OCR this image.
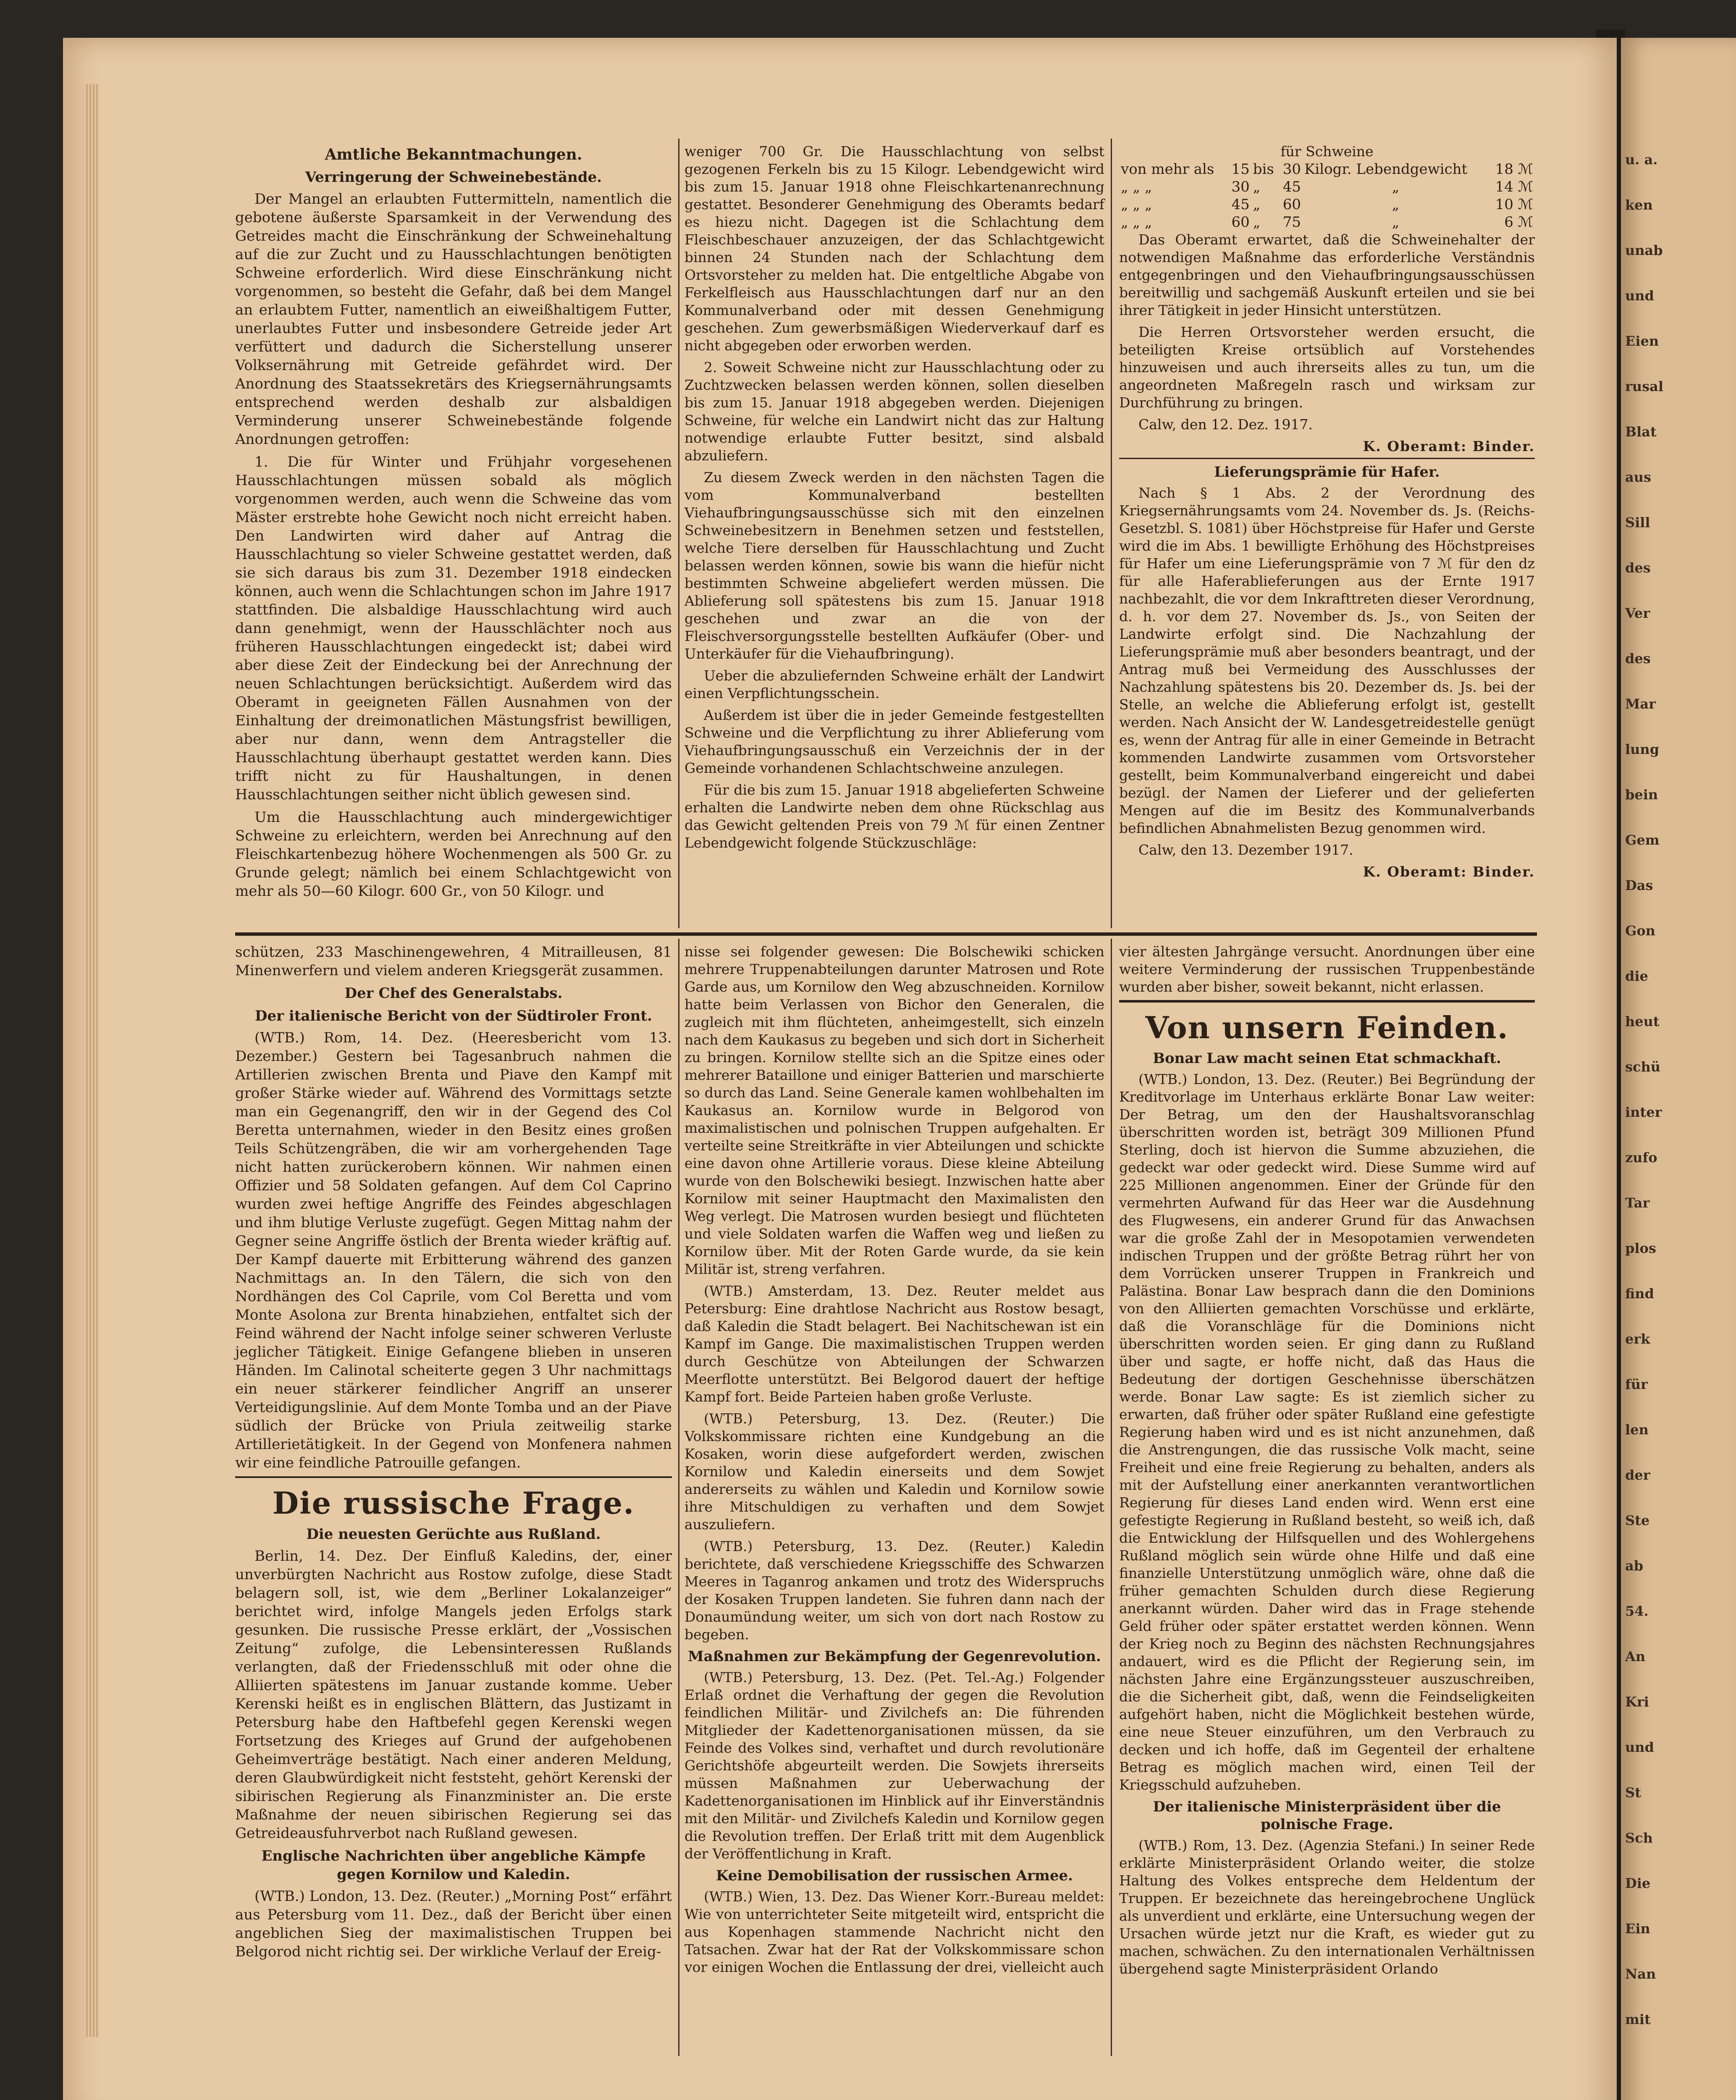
Amtliche Bekanntmachungen.
Verringerung der Schweinebestände.

Der Mangel an erlaubten Futtermitteln, namentlich die gebotene äußerste Sparsamkeit in der Verwendung des Getreides macht die Einschränkung der Schweinehaltung auf die zur Zucht und zu Hausschlachtungen benötigten Schweine erforderlich. Wird diese Einschränkung nicht vorgenommen, so besteht die Gefahr, daß bei dem Mangel an erlaubtem Futter, namentlich an eiweißhaltigem Futter, unerlaubtes Futter und insbesondere Getreide jeder Art verfüttert und dadurch die Sicherstellung unserer Volksernährung mit Getreide gefährdet wird. Der Anordnung des Staatssekretärs des Kriegsernährungsamts entsprechend werden deshalb zur alsbaldigen Verminderung unserer Schweinebestände folgende Anordnungen getroffen:

1. Die für Winter und Frühjahr vorgesehenen Hausschlachtungen müssen sobald als möglich vorgenommen werden, auch wenn die Schweine das vom Mäster erstrebte hohe Gewicht noch nicht erreicht haben. Den Landwirten wird daher auf Antrag die Hausschlachtung so vieler Schweine gestattet werden, daß sie sich daraus bis zum 31. Dezember 1918 eindecken können, auch wenn die Schlachtungen schon im Jahre 1917 stattfinden. Die alsbaldige Hausschlachtung wird auch dann genehmigt, wenn der Hausschlächter noch aus früheren Hausschlachtungen eingedeckt ist; dabei wird aber diese Zeit der Eindeckung bei der Anrechnung der neuen Schlachtungen berücksichtigt. Außerdem wird das Oberamt in geeigneten Fällen Ausnahmen von der Einhaltung der dreimonatlichen Mästungsfrist bewilligen, aber nur dann, wenn dem Antragsteller die Hausschlachtung überhaupt gestattet werden kann. Dies trifft nicht zu für Haushaltungen, in denen Hausschlachtungen seither nicht üblich gewesen sind.

Um die Hausschlachtung auch mindergewichtiger Schweine zu erleichtern, werden bei Anrechnung auf den Fleischkartenbezug höhere Wochenmengen als 500 Gr. zu Grunde gelegt; nämlich bei einem Schlachtgewicht von mehr als 50—60 Kilogr. 600 Gr., von 50 Kilogr. und

weniger 700 Gr. Die Hausschlachtung von selbst gezogenen Ferkeln bis zu 15 Kilogr. Lebendgewicht wird bis zum 15. Januar 1918 ohne Fleischkartenanrechnung gestattet. Besonderer Genehmigung des Oberamts bedarf es hiezu nicht. Dagegen ist die Schlachtung dem Fleischbeschauer anzuzeigen, der das Schlachtgewicht binnen 24 Stunden nach der Schlachtung dem Ortsvorsteher zu melden hat. Die entgeltliche Abgabe von Ferkelfleisch aus Hausschlachtungen darf nur an den Kommunalverband oder mit dessen Genehmigung geschehen. Zum gewerbsmäßigen Wiederverkauf darf es nicht abgegeben oder erworben werden.

2. Soweit Schweine nicht zur Hausschlachtung oder zu Zuchtzwecken belassen werden können, sollen dieselben bis zum 15. Januar 1918 abgegeben werden. Diejenigen Schweine, für welche ein Landwirt nicht das zur Haltung notwendige erlaubte Futter besitzt, sind alsbald abzuliefern.

Zu diesem Zweck werden in den nächsten Tagen die vom Kommunalverband bestellten Viehaufbringungsausschüsse sich mit den einzelnen Schweinebesitzern in Benehmen setzen und feststellen, welche Tiere derselben für Hausschlachtung und Zucht belassen werden können, sowie bis wann die hiefür nicht bestimmten Schweine abgeliefert werden müssen. Die Ablieferung soll spätestens bis zum 15. Januar 1918 geschehen und zwar an die von der Fleischversorgungsstelle bestellten Aufkäufer (Ober- und Unterkäufer für die Viehaufbringung).

Ueber die abzuliefernden Schweine erhält der Landwirt einen Verpflichtungsschein.

Außerdem ist über die in jeder Gemeinde festgestellten Schweine und die Verpflichtung zu ihrer Ablieferung vom Viehaufbringungsausschuß ein Verzeichnis der in der Gemeinde vorhandenen Schlachtschweine anzulegen.

Für die bis zum 15. Januar 1918 abgelieferten Schweine erhalten die Landwirte neben dem ohne Rückschlag aus das Gewicht geltenden Preis von 79 ℳ für einen Zentner Lebendgewicht folgende Stückzuschläge:

für Schweine
von mehr als	15	bis	30	Kilogr. Lebendgewicht	18 ℳ
„ „ „	30	„	45	„	14 ℳ
„ „ „	45	„	60	„	10 ℳ
„ „ „	60	„	75	„	6 ℳ

Das Oberamt erwartet, daß die Schweinehalter der notwendigen Maßnahme das erforderliche Verständnis entgegenbringen und den Viehaufbringungsausschüssen bereitwillig und sachgemäß Auskunft erteilen und sie bei ihrer Tätigkeit in jeder Hinsicht unterstützen.

Die Herren Ortsvorsteher werden ersucht, die beteiligten Kreise ortsüblich auf Vorstehendes hinzuweisen und auch ihrerseits alles zu tun, um die angeordneten Maßregeln rasch und wirksam zur Durchführung zu bringen.

Calw, den 12. Dez. 1917.

K. Oberamt: Binder.
Lieferungsprämie für Hafer.

Nach § 1 Abs. 2 der Verordnung des Kriegsernährungsamts vom 24. November ds. Js. (Reichs-Gesetzbl. S. 1081) über Höchstpreise für Hafer und Gerste wird die im Abs. 1 bewilligte Erhöhung des Höchstpreises für Hafer um eine Lieferungsprämie von 7 ℳ für den dz für alle Haferablieferungen aus der Ernte 1917 nachbezahlt, die vor dem Inkrafttreten dieser Verordnung, d. h. vor dem 27. November ds. Js., von Seiten der Landwirte erfolgt sind. Die Nachzahlung der Lieferungsprämie muß aber besonders beantragt, und der Antrag muß bei Vermeidung des Ausschlusses der Nachzahlung spätestens bis 20. Dezember ds. Js. bei der Stelle, an welche die Ablieferung erfolgt ist, gestellt werden. Nach Ansicht der W. Landesgetreidestelle genügt es, wenn der Antrag für alle in einer Gemeinde in Betracht kommenden Landwirte zusammen vom Ortsvorsteher gestellt, beim Kommunalverband eingereicht und dabei bezügl. der Namen der Lieferer und der gelieferten Mengen auf die im Besitz des Kommunalverbands befindlichen Abnahmelisten Bezug genommen wird.

Calw, den 13. Dezember 1917.

K. Oberamt: Binder.

schützen, 233 Maschinengewehren, 4 Mitrailleusen, 81 Minenwerfern und vielem anderen Kriegsgerät zusammen.

Der Chef des Generalstabs.
Der italienische Bericht von der Südtiroler Front.

(WTB.) Rom, 14. Dez. (Heeresbericht vom 13. Dezember.) Gestern bei Tagesanbruch nahmen die Artillerien zwischen Brenta und Piave den Kampf mit großer Stärke wieder auf. Während des Vormittags setzte man ein Gegenangriff, den wir in der Gegend des Col Beretta unternahmen, wieder in den Besitz eines großen Teils Schützengräben, die wir am vorhergehenden Tage nicht hatten zurückerobern können. Wir nahmen einen Offizier und 58 Soldaten gefangen. Auf dem Col Caprino wurden zwei heftige Angriffe des Feindes abgeschlagen und ihm blutige Verluste zugefügt. Gegen Mittag nahm der Gegner seine Angriffe östlich der Brenta wieder kräftig auf. Der Kampf dauerte mit Erbitterung während des ganzen Nachmittags an. In den Tälern, die sich von den Nordhängen des Col Caprile, vom Col Beretta und vom Monte Asolona zur Brenta hinabziehen, entfaltet sich der Feind während der Nacht infolge seiner schweren Verluste jeglicher Tätigkeit. Einige Gefangene blieben in unseren Händen. Im Calinotal scheiterte gegen 3 Uhr nachmittags ein neuer stärkerer feindlicher Angriff an unserer Verteidigungslinie. Auf dem Monte Tomba und an der Piave südlich der Brücke von Priula zeitweilig starke Artillerietätigkeit. In der Gegend von Monfenera nahmen wir eine feindliche Patrouille gefangen.

Die russische Frage.
Die neuesten Gerüchte aus Rußland.

Berlin, 14. Dez. Der Einfluß Kaledins, der, einer unverbürgten Nachricht aus Rostow zufolge, diese Stadt belagern soll, ist, wie dem „Berliner Lokalanzeiger“ berichtet wird, infolge Mangels jeden Erfolgs stark gesunken. Die russische Presse erklärt, der „Vossischen Zeitung“ zufolge, die Lebensinteressen Rußlands verlangten, daß der Friedensschluß mit oder ohne die Alliierten spätestens im Januar zustande komme. Ueber Kerenski heißt es in englischen Blättern, das Justizamt in Petersburg habe den Haftbefehl gegen Kerenski wegen Fortsetzung des Krieges auf Grund der aufgehobenen Geheimverträge bestätigt. Nach einer anderen Meldung, deren Glaubwürdigkeit nicht feststeht, gehört Kerenski der sibirischen Regierung als Finanzminister an. Die erste Maßnahme der neuen sibirischen Regierung sei das Getreideausfuhrverbot nach Rußland gewesen.

Englische Nachrichten über angebliche Kämpfe gegen Kornilow und Kaledin.

(WTB.) London, 13. Dez. (Reuter.) „Morning Post“ erfährt aus Petersburg vom 11. Dez., daß der Bericht über einen angeblichen Sieg der maximalistischen Truppen bei Belgorod nicht richtig sei. Der wirkliche Verlauf der Ereig-

nisse sei folgender gewesen: Die Bolschewiki schicken mehrere Truppenabteilungen darunter Matrosen und Rote Garde aus, um Kornilow den Weg abzuschneiden. Kornilow hatte beim Verlassen von Bichor den Generalen, die zugleich mit ihm flüchteten, anheimgestellt, sich einzeln nach dem Kaukasus zu begeben und sich dort in Sicherheit zu bringen. Kornilow stellte sich an die Spitze eines oder mehrerer Bataillone und einiger Batterien und marschierte so durch das Land. Seine Generale kamen wohlbehalten im Kaukasus an. Kornilow wurde in Belgorod von maximalistischen und polnischen Truppen aufgehalten. Er verteilte seine Streitkräfte in vier Abteilungen und schickte eine davon ohne Artillerie voraus. Diese kleine Abteilung wurde von den Bolschewiki besiegt. Inzwischen hatte aber Kornilow mit seiner Hauptmacht den Maximalisten den Weg verlegt. Die Matrosen wurden besiegt und flüchteten und viele Soldaten warfen die Waffen weg und ließen zu Kornilow über. Mit der Roten Garde wurde, da sie kein Militär ist, streng verfahren.

(WTB.) Amsterdam, 13. Dez. Reuter meldet aus Petersburg: Eine drahtlose Nachricht aus Rostow besagt, daß Kaledin die Stadt belagert. Bei Nachitschewan ist ein Kampf im Gange. Die maximalistischen Truppen werden durch Geschütze von Abteilungen der Schwarzen Meerflotte unterstützt. Bei Belgorod dauert der heftige Kampf fort. Beide Parteien haben große Verluste.

(WTB.) Petersburg, 13. Dez. (Reuter.) Die Volkskommissare richten eine Kundgebung an die Kosaken, worin diese aufgefordert werden, zwischen Kornilow und Kaledin einerseits und dem Sowjet andererseits zu wählen und Kaledin und Kornilow sowie ihre Mitschuldigen zu verhaften und dem Sowjet auszuliefern.

(WTB.) Petersburg, 13. Dez. (Reuter.) Kaledin berichtete, daß verschiedene Kriegsschiffe des Schwarzen Meeres in Taganrog ankamen und trotz des Widerspruchs der Kosaken Truppen landeten. Sie fuhren dann nach der Donaumündung weiter, um sich von dort nach Rostow zu begeben.

Maßnahmen zur Bekämpfung der Gegenrevolution.

(WTB.) Petersburg, 13. Dez. (Pet. Tel.-Ag.) Folgender Erlaß ordnet die Verhaftung der gegen die Revolution feindlichen Militär- und Zivilchefs an: Die führenden Mitglieder der Kadettenorganisationen müssen, da sie Feinde des Volkes sind, verhaftet und durch revolutionäre Gerichtshöfe abgeurteilt werden. Die Sowjets ihrerseits müssen Maßnahmen zur Ueberwachung der Kadettenorganisationen im Hinblick auf ihr Einverständnis mit den Militär- und Zivilchefs Kaledin und Kornilow gegen die Revolution treffen. Der Erlaß tritt mit dem Augenblick der Veröffentlichung in Kraft.

Keine Demobilisation der russischen Armee.

(WTB.) Wien, 13. Dez. Das Wiener Korr.-Bureau meldet: Wie von unterrichteter Seite mitgeteilt wird, entspricht die aus Kopenhagen stammende Nachricht nicht den Tatsachen. Zwar hat der Rat der Volkskommissare schon vor einigen Wochen die Entlassung der drei, vielleicht auch

vier ältesten Jahrgänge versucht. Anordnungen über eine weitere Verminderung der russischen Truppenbestände wurden aber bisher, soweit bekannt, nicht erlassen.

Von unsern Feinden.
Bonar Law macht seinen Etat schmackhaft.

(WTB.) London, 13. Dez. (Reuter.) Bei Begründung der Kreditvorlage im Unterhaus erklärte Bonar Law weiter: Der Betrag, um den der Haushaltsvoranschlag überschritten worden ist, beträgt 309 Millionen Pfund Sterling, doch ist hiervon die Summe abzuziehen, die gedeckt war oder gedeckt wird. Diese Summe wird auf 225 Millionen angenommen. Einer der Gründe für den vermehrten Aufwand für das Heer war die Ausdehnung des Flugwesens, ein anderer Grund für das Anwachsen war die große Zahl der in Mesopotamien verwendeten indischen Truppen und der größte Betrag rührt her von dem Vorrücken unserer Truppen in Frankreich und Palästina. Bonar Law besprach dann die den Dominions von den Alliierten gemachten Vorschüsse und erklärte, daß die Voranschläge für die Dominions nicht überschritten worden seien. Er ging dann zu Rußland über und sagte, er hoffe nicht, daß das Haus die Bedeutung der dortigen Geschehnisse überschätzen werde. Bonar Law sagte: Es ist ziemlich sicher zu erwarten, daß früher oder später Rußland eine gefestigte Regierung haben wird und es ist nicht anzunehmen, daß die Anstrengungen, die das russische Volk macht, seine Freiheit und eine freie Regierung zu behalten, anders als mit der Aufstellung einer anerkannten verantwortlichen Regierung für dieses Land enden wird. Wenn erst eine gefestigte Regierung in Rußland besteht, so weiß ich, daß die Entwicklung der Hilfsquellen und des Wohlergehens Rußland möglich sein würde ohne Hilfe und daß eine finanzielle Unterstützung unmöglich wäre, ohne daß die früher gemachten Schulden durch diese Regierung anerkannt würden. Daher wird das in Frage stehende Geld früher oder später erstattet werden können. Wenn der Krieg noch zu Beginn des nächsten Rechnungsjahres andauert, wird es die Pflicht der Regierung sein, im nächsten Jahre eine Ergänzungssteuer auszuschreiben, die die Sicherheit gibt, daß, wenn die Feindseligkeiten aufgehört haben, nicht die Möglichkeit bestehen würde, eine neue Steuer einzuführen, um den Verbrauch zu decken und ich hoffe, daß im Gegenteil der erhaltene Betrag es möglich machen wird, einen Teil der Kriegsschuld aufzuheben.

Der italienische Ministerpräsident über die polnische Frage.

(WTB.) Rom, 13. Dez. (Agenzia Stefani.) In seiner Rede erklärte Ministerpräsident Orlando weiter, die stolze Haltung des Volkes entspreche dem Heldentum der Truppen. Er bezeichnete das hereingebrochene Unglück als unverdient und erklärte, eine Untersuchung wegen der Ursachen würde jetzt nur die Kraft, es wieder gut zu machen, schwächen. Zu den internationalen Verhältnissen übergehend sagte Ministerpräsident Orlando

u. a.
ken
unab
und
Eien
rusal
Blat
aus
Sill
des
Ver
des
Mar
lung
bein
Gem
Das
Gon
die
heut
schü
inter
zufo
Tar
plos
find
erk
für
len
der
Ste
ab
54.
An
Kri
und
St
Sch
Die
Ein
Nan
mit
